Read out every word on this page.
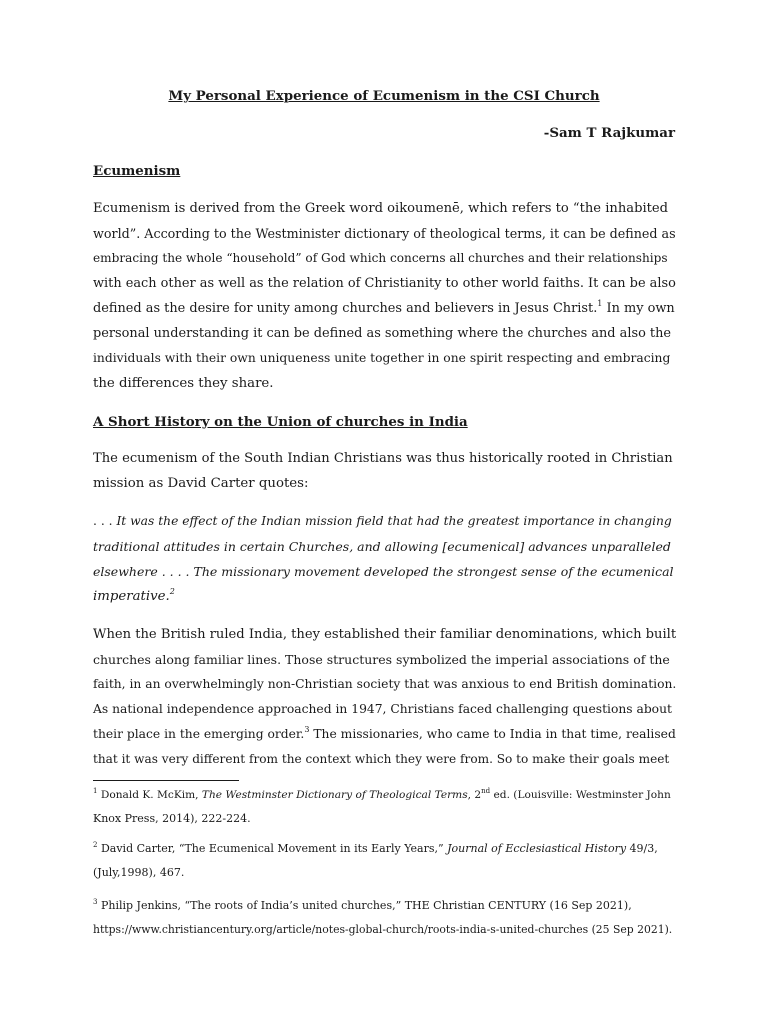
My Personal Experience of Ecumenism in the CSI Church
-Sam T Rajkumar
Ecumenism
Ecumenism is derived from the Greek word oikoumenē, which refers to “the inhabited
world”. According to the Westminister dictionary of theological terms, it can be defined as
embracing the whole “household” of God which concerns all churches and their relationships
with each other as well as the relation of Christianity to other world faiths. It can be also
defined as the desire for unity among churches and believers in Jesus Christ.$^1$ In my own
personal understanding it can be defined as something where the churches and also the
individuals with their own uniqueness unite together in one spirit respecting and embracing
the differences they share.
A Short History on the Union of churches in India
The ecumenism of the South Indian Christians was thus historically rooted in Christian
mission as David Carter quotes:
. . . It was the effect of the Indian mission field that had the greatest importance in changing
traditional attitudes in certain Churches, and allowing [ecumenical] advances unparalleled
elsewhere . . . . The missionary movement developed the strongest sense of the ecumenical
imperative.$^2$
When the British ruled India, they established their familiar denominations, which built
churches along familiar lines. Those structures symbolized the imperial associations of the
faith, in an overwhelmingly non-Christian society that was anxious to end British domination.
As national independence approached in 1947, Christians faced challenging questions about
their place in the emerging order.$^3$ The missionaries, who came to India in that time, realised
that it was very different from the context which they were from. So to make their goals meet
$^1$ Donald K. McKim, The Westminster Dictionary of Theological Terms, 2nd ed. (Louisville: Westminster John
Knox Press, 2014), 222-224.
$^2$ David Carter, “The Ecumenical Movement in its Early Years,” Journal of Ecclesiastical History 49/3,
(July,1998), 467.
$^3$ Philip Jenkins, “The roots of India’s united churches,” THE Christian CENTURY (16 Sep 2021),
https://www.christiancentury.org/article/notes-global-church/roots-india-s-united-churches (25 Sep 2021).
